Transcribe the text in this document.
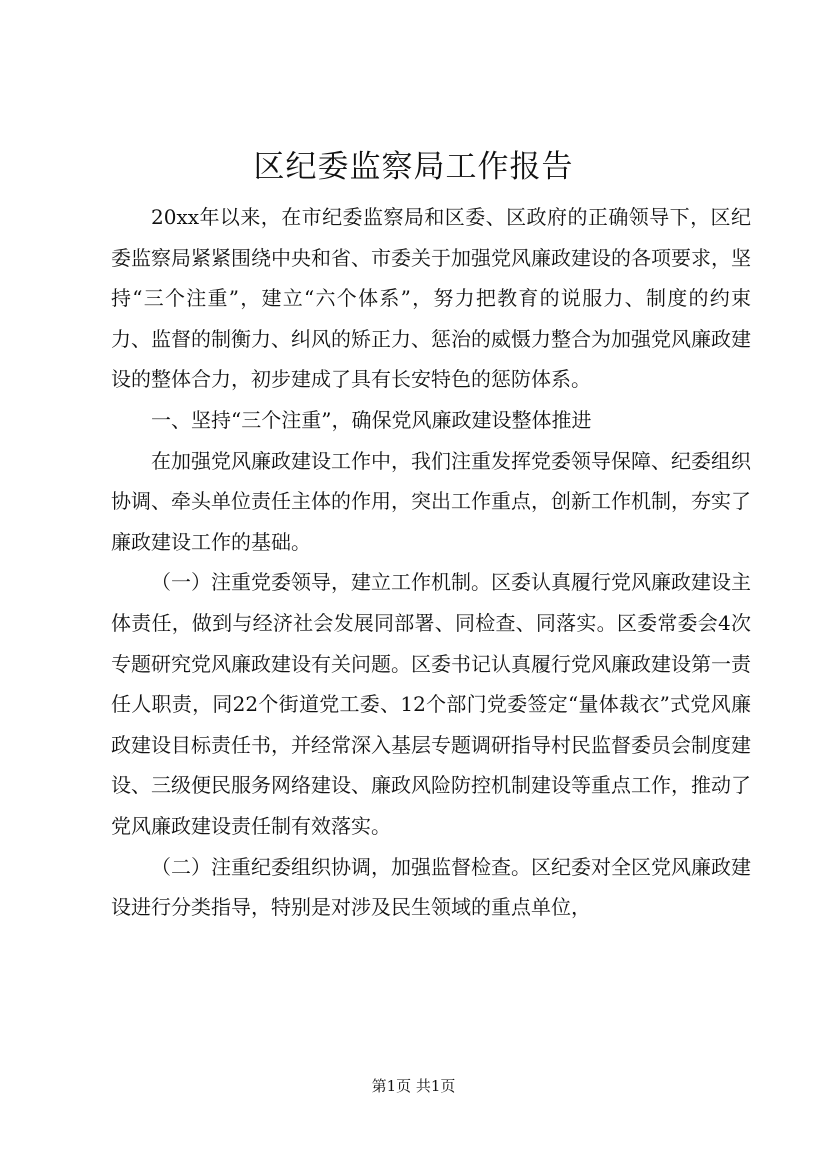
区纪委监察局工作报告

20xx年以来，在市纪委监察局和区委、区政府的正确领导下，区纪委监察局紧紧围绕中央和省、市委关于加强党风廉政建设的各项要求，坚持“三个注重”，建立“六个体系”，努力把教育的说服力、制度的约束力、监督的制衡力、纠风的矫正力、惩治的威慑力整合为加强党风廉政建设的整体合力，初步建成了具有长安特色的惩防体系。

一、坚持“三个注重”，确保党风廉政建设整体推进

在加强党风廉政建设工作中，我们注重发挥党委领导保障、纪委组织协调、牵头单位责任主体的作用，突出工作重点，创新工作机制，夯实了廉政建设工作的基础。

（一）注重党委领导，建立工作机制。区委认真履行党风廉政建设主体责任，做到与经济社会发展同部署、同检查、同落实。区委常委会4次专题研究党风廉政建设有关问题。区委书记认真履行党风廉政建设第一责任人职责，同22个街道党工委、12个部门党委签定“量体裁衣”式党风廉政建设目标责任书，并经常深入基层专题调研指导村民监督委员会制度建设、三级便民服务网络建设、廉政风险防控机制建设等重点工作，推动了党风廉政建设责任制有效落实。

（二）注重纪委组织协调，加强监督检查。区纪委对全区党风廉政建设进行分类指导，特别是对涉及民生领域的重点单位，

第1页 共1页
